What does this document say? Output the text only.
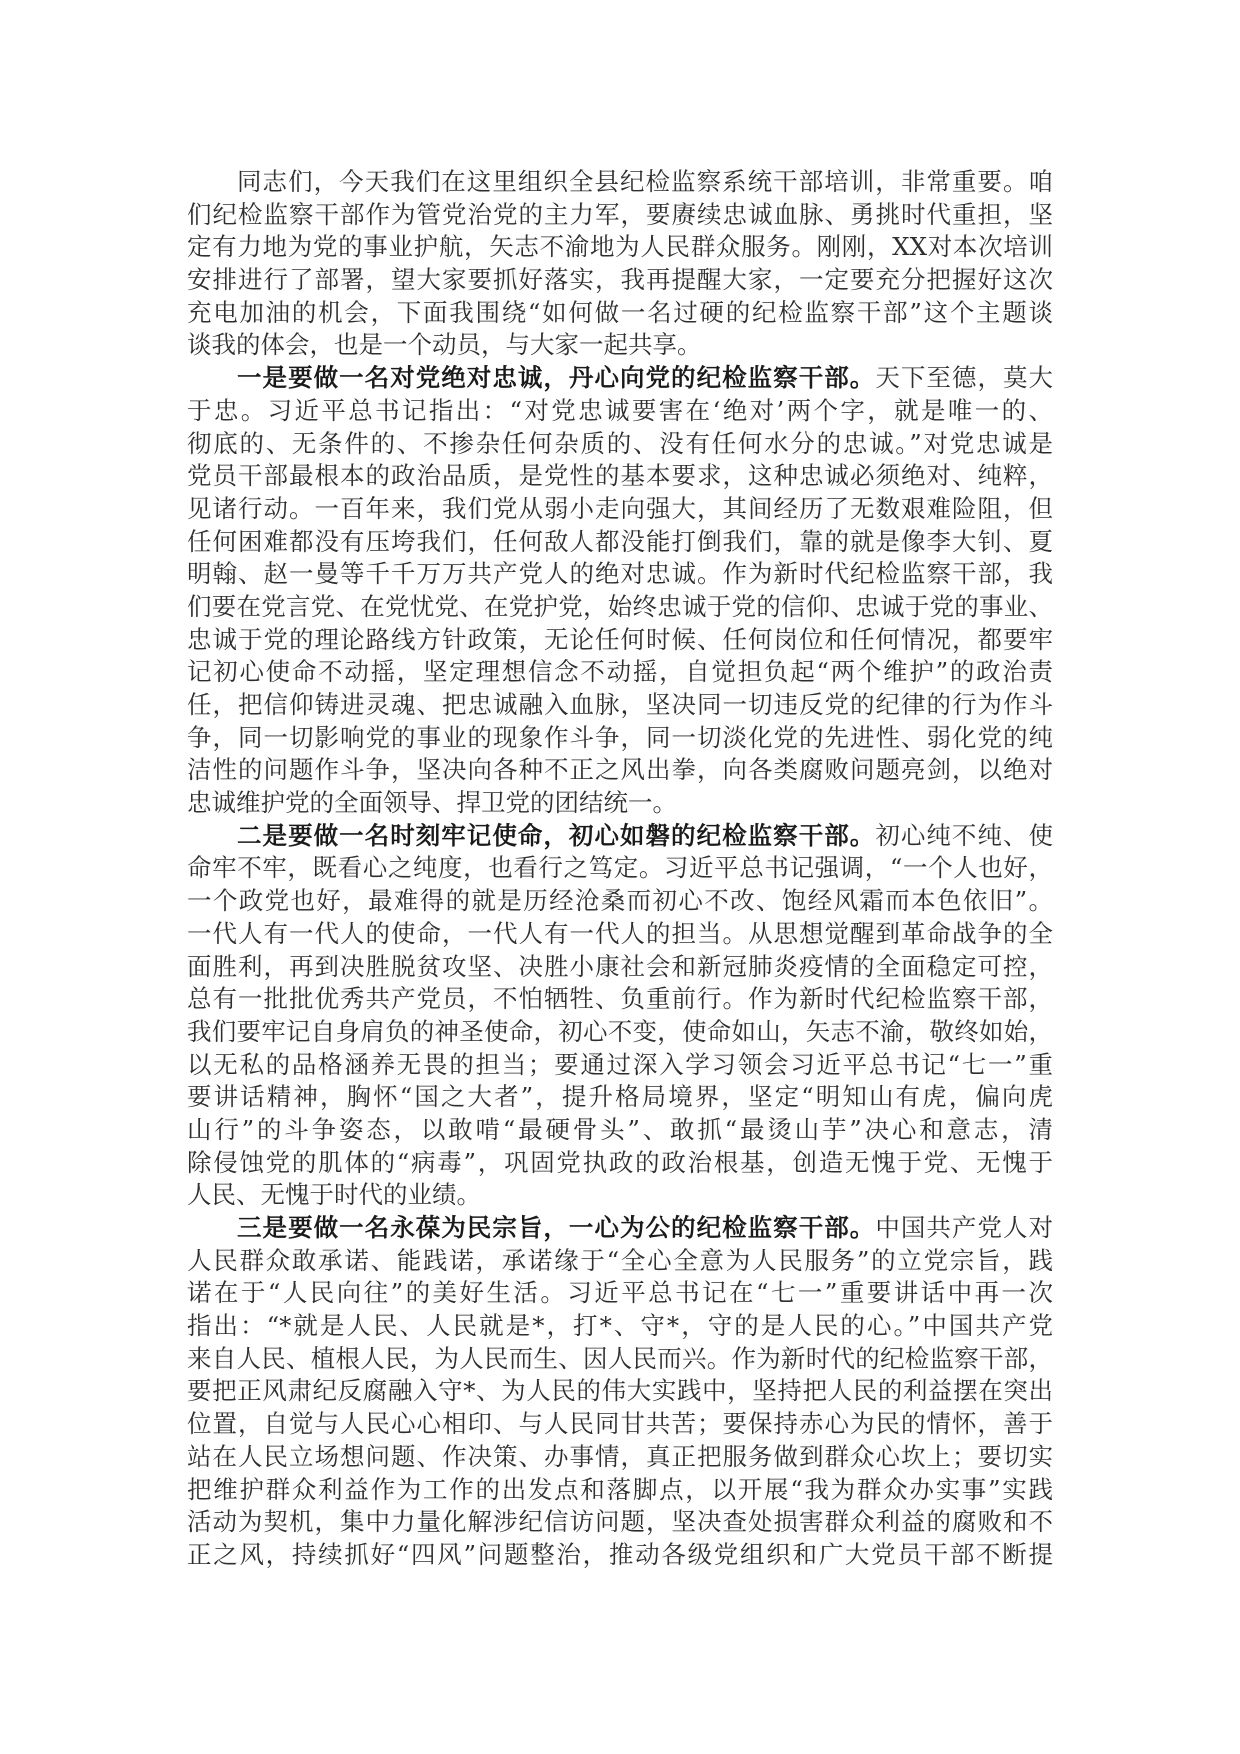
同志们，今天我们在这里组织全县纪检监察系统干部培训，非常重要。咱
们纪检监察干部作为管党治党的主力军，要赓续忠诚血脉、勇挑时代重担，坚
定有力地为党的事业护航，矢志不渝地为人民群众服务。刚刚，XX对本次培训
安排进行了部署，望大家要抓好落实，我再提醒大家，一定要充分把握好这次
充电加油的机会，下面我围绕“如何做一名过硬的纪检监察干部”这个主题谈
谈我的体会，也是一个动员，与大家一起共享。
一是要做一名对党绝对忠诚，丹心向党的纪检监察干部。天下至德，莫大
于忠。习近平总书记指出：“对党忠诚要害在‘绝对’两个字，就是唯一的、
彻底的、无条件的、不掺杂任何杂质的、没有任何水分的忠诚。”对党忠诚是
党员干部最根本的政治品质，是党性的基本要求，这种忠诚必须绝对、纯粹，
见诸行动。一百年来，我们党从弱小走向强大，其间经历了无数艰难险阻，但
任何困难都没有压垮我们，任何敌人都没能打倒我们，靠的就是像李大钊、夏
明翰、赵一曼等千千万万共产党人的绝对忠诚。作为新时代纪检监察干部，我
们要在党言党、在党忧党、在党护党，始终忠诚于党的信仰、忠诚于党的事业、
忠诚于党的理论路线方针政策，无论任何时候、任何岗位和任何情况，都要牢
记初心使命不动摇，坚定理想信念不动摇，自觉担负起“两个维护”的政治责
任，把信仰铸进灵魂、把忠诚融入血脉，坚决同一切违反党的纪律的行为作斗
争，同一切影响党的事业的现象作斗争，同一切淡化党的先进性、弱化党的纯
洁性的问题作斗争，坚决向各种不正之风出拳，向各类腐败问题亮剑，以绝对
忠诚维护党的全面领导、捍卫党的团结统一。
二是要做一名时刻牢记使命，初心如磐的纪检监察干部。初心纯不纯、使
命牢不牢，既看心之纯度，也看行之笃定。习近平总书记强调，“一个人也好，
一个政党也好，最难得的就是历经沧桑而初心不改、饱经风霜而本色依旧”。
一代人有一代人的使命，一代人有一代人的担当。从思想觉醒到革命战争的全
面胜利，再到决胜脱贫攻坚、决胜小康社会和新冠肺炎疫情的全面稳定可控，
总有一批批优秀共产党员，不怕牺牲、负重前行。作为新时代纪检监察干部，
我们要牢记自身肩负的神圣使命，初心不变，使命如山，矢志不渝，敬终如始，
以无私的品格涵养无畏的担当；要通过深入学习领会习近平总书记“七一”重
要讲话精神，胸怀“国之大者”，提升格局境界，坚定“明知山有虎，偏向虎
山行”的斗争姿态，以敢啃“最硬骨头”、敢抓“最烫山芋”决心和意志，清
除侵蚀党的肌体的“病毒”，巩固党执政的政治根基，创造无愧于党、无愧于
人民、无愧于时代的业绩。
三是要做一名永葆为民宗旨，一心为公的纪检监察干部。中国共产党人对
人民群众敢承诺、能践诺，承诺缘于“全心全意为人民服务”的立党宗旨，践
诺在于“人民向往”的美好生活。习近平总书记在“七一”重要讲话中再一次
指出：“*就是人民、人民就是*，打*、守*，守的是人民的心。”中国共产党
来自人民、植根人民，为人民而生、因人民而兴。作为新时代的纪检监察干部，
要把正风肃纪反腐融入守*、为人民的伟大实践中，坚持把人民的利益摆在突出
位置，自觉与人民心心相印、与人民同甘共苦；要保持赤心为民的情怀，善于
站在人民立场想问题、作决策、办事情，真正把服务做到群众心坎上；要切实
把维护群众利益作为工作的出发点和落脚点，以开展“我为群众办实事”实践
活动为契机，集中力量化解涉纪信访问题，坚决查处损害群众利益的腐败和不
正之风，持续抓好“四风”问题整治，推动各级党组织和广大党员干部不断提
